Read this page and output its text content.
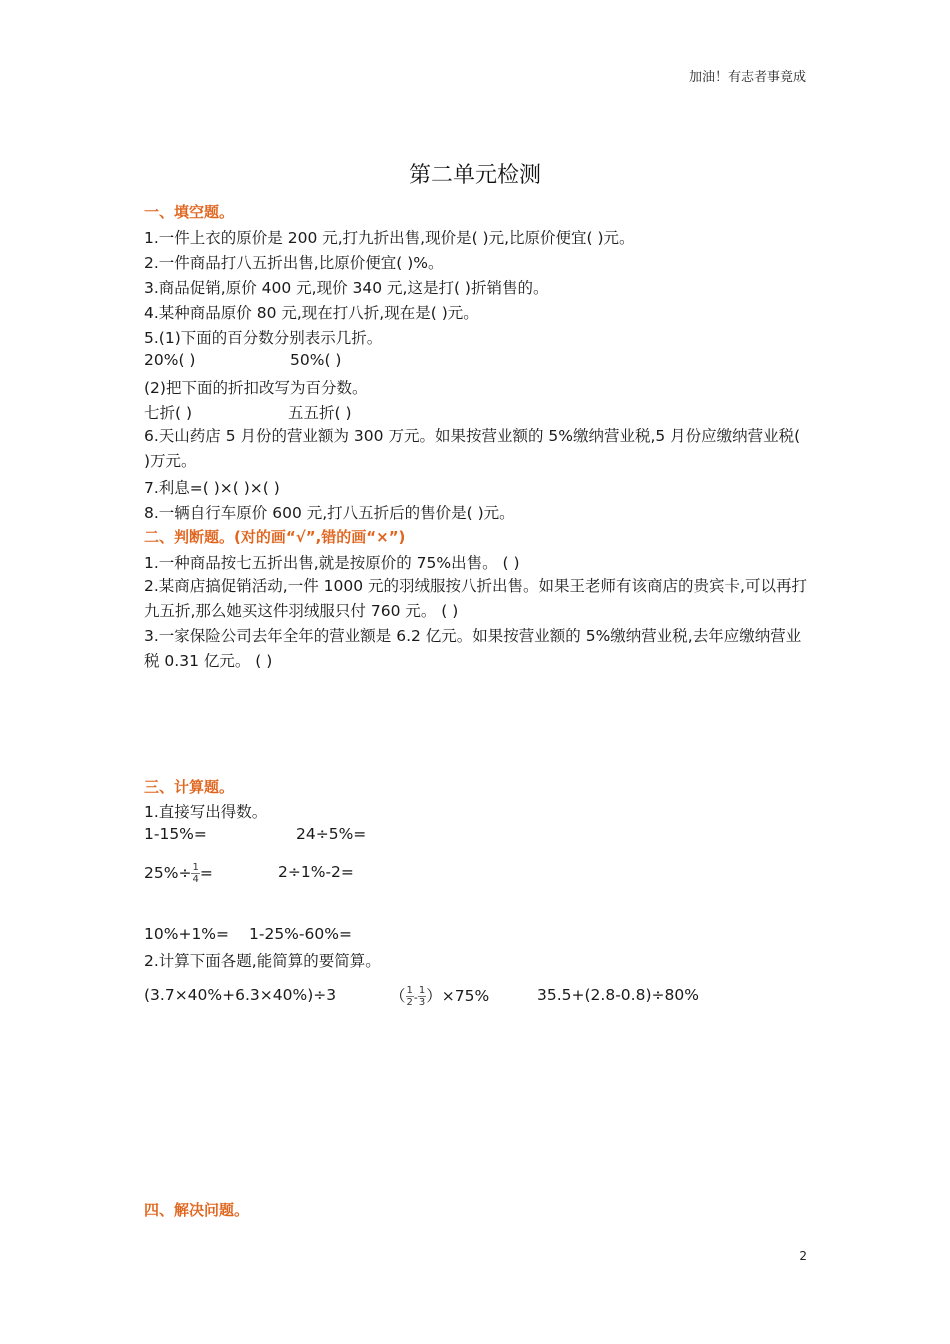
加油！有志者事竟成
第二单元检测
一、填空题。
1.一件上衣的原价是 200 元,打九折出售,现价是( )元,比原价便宜( )元。
2.一件商品打八五折出售,比原价便宜( )%。
3.商品促销,原价 400 元,现价 340 元,这是打( )折销售的。
4.某种商品原价 80 元,现在打八折,现在是( )元。
5.(1)下面的百分数分别表示几折。
20%( )	50%( )
(2)把下面的折扣改写为百分数。
七折( )	五五折( )
6.天山药店 5 月份的营业额为 300 万元。如果按营业额的 5%缴纳营业税,5 月份应缴纳营业税( )万元。
7.利息=( )×( )×( )
8.一辆自行车原价 600 元,打八五折后的售价是( )元。
二、判断题。(对的画“√”,错的画“×”)
1.一种商品按七五折出售,就是按原价的 75%出售。 ( )
2.某商店搞促销活动,一件 1000 元的羽绒服按八折出售。如果王老师有该商店的贵宾卡,可以再打九五折,那么她买这件羽绒服只付 760 元。 ( )
3.一家保险公司去年全年的营业额是 6.2 亿元。如果按营业额的 5%缴纳营业税,去年应缴纳营业税 0.31 亿元。 ( )
三、计算题。
1.直接写出得数。
1-15%=	24÷5%=
$25\%\div \frac{1}{4}$ =	2÷1%-2=
10%+1%= 1-25%-60%=
2.计算下面各题,能简算的要简算。
(3.7×40%+6.3×40%)÷3	（ $\frac{1}{2} - \frac{1}{3} )\times 75\%$	35.5+(2.8-0.8)÷80%
四、解决问题。
2
